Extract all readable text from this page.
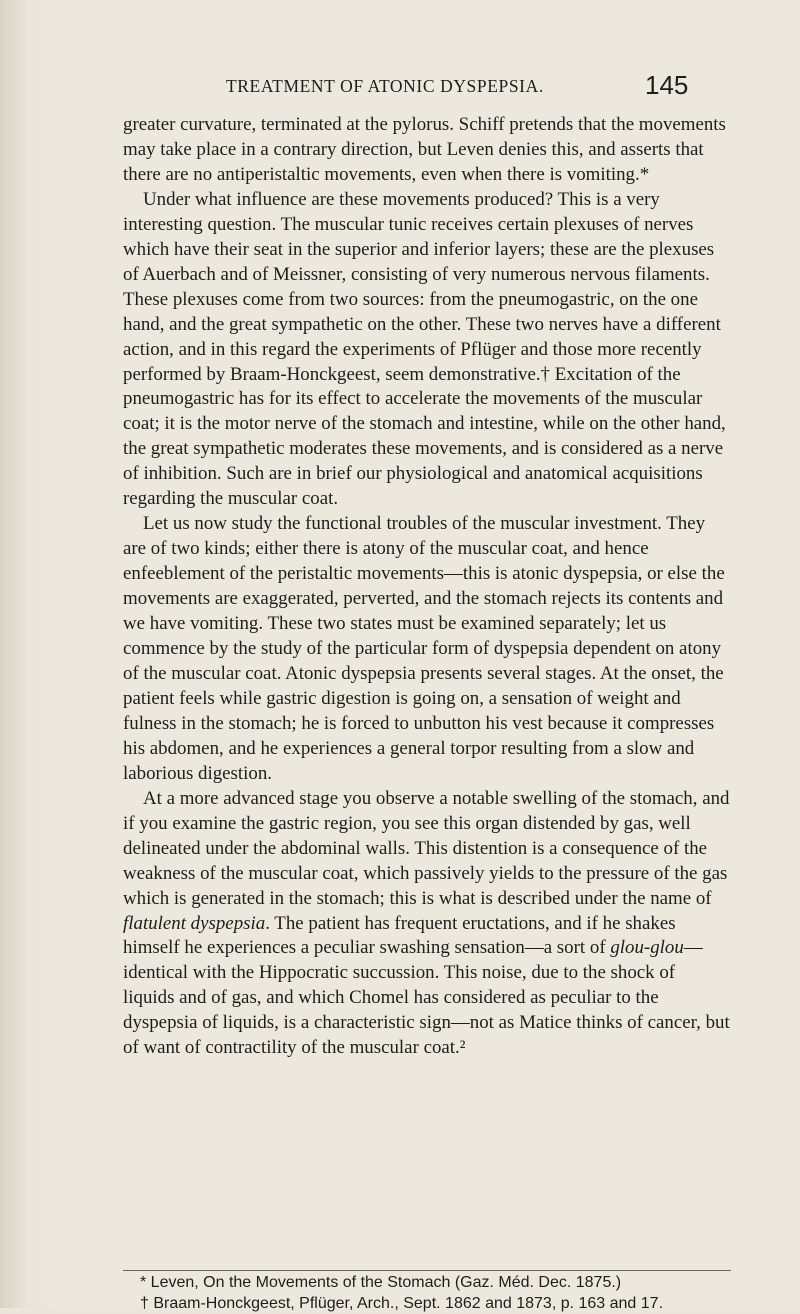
TREATMENT OF ATONIC DYSPEPSIA.	145

greater curvature, terminated at the pylorus. Schiff pretends that the movements may take place in a contrary direction, but Leven denies this, and asserts that there are no antiperistaltic movements, even when there is vomiting.*

Under what influence are these movements produced? This is a very interesting question. The muscular tunic receives certain plexuses of nerves which have their seat in the superior and inferior layers; these are the plexuses of Auerbach and of Meissner, consisting of very numerous nervous filaments. These plexuses come from two sources: from the pneumogastric, on the one hand, and the great sympathetic on the other. These two nerves have a different action, and in this regard the experiments of Pflüger and those more recently performed by Braam-Honckgeest, seem demonstrative.† Excitation of the pneumogastric has for its effect to accelerate the movements of the muscular coat; it is the motor nerve of the stomach and intestine, while on the other hand, the great sympathetic moderates these movements, and is considered as a nerve of inhibition. Such are in brief our physiological and anatomical acquisitions regarding the muscular coat.

Let us now study the functional troubles of the muscular investment. They are of two kinds; either there is atony of the muscular coat, and hence enfeeblement of the peristaltic movements—this is atonic dyspepsia, or else the movements are exaggerated, perverted, and the stomach rejects its contents and we have vomiting. These two states must be examined separately; let us commence by the study of the particular form of dyspepsia dependent on atony of the muscular coat. Atonic dyspepsia presents several stages. At the onset, the patient feels while gastric digestion is going on, a sensation of weight and fulness in the stomach; he is forced to unbutton his vest because it compresses his abdomen, and he experiences a general torpor resulting from a slow and laborious digestion.

At a more advanced stage you observe a notable swelling of the stomach, and if you examine the gastric region, you see this organ distended by gas, well delineated under the abdominal walls. This distention is a consequence of the weakness of the muscular coat, which passively yields to the pressure of the gas which is generated in the stomach; this is what is described under the name of flatulent dyspepsia. The patient has frequent eructations, and if he shakes himself he experiences a peculiar swashing sensation—a sort of glou-glou—identical with the Hippocratic succussion. This noise, due to the shock of liquids and of gas, and which Chomel has considered as peculiar to the dyspepsia of liquids, is a characteristic sign—not as Matice thinks of cancer, but of want of contractility of the muscular coat.²

* Leven, On the Movements of the Stomach (Gaz. Méd. Dec. 1875.)

† Braam-Honckgeest, Pflüger, Arch., Sept. 1862 and 1873, p. 163 and 17.
